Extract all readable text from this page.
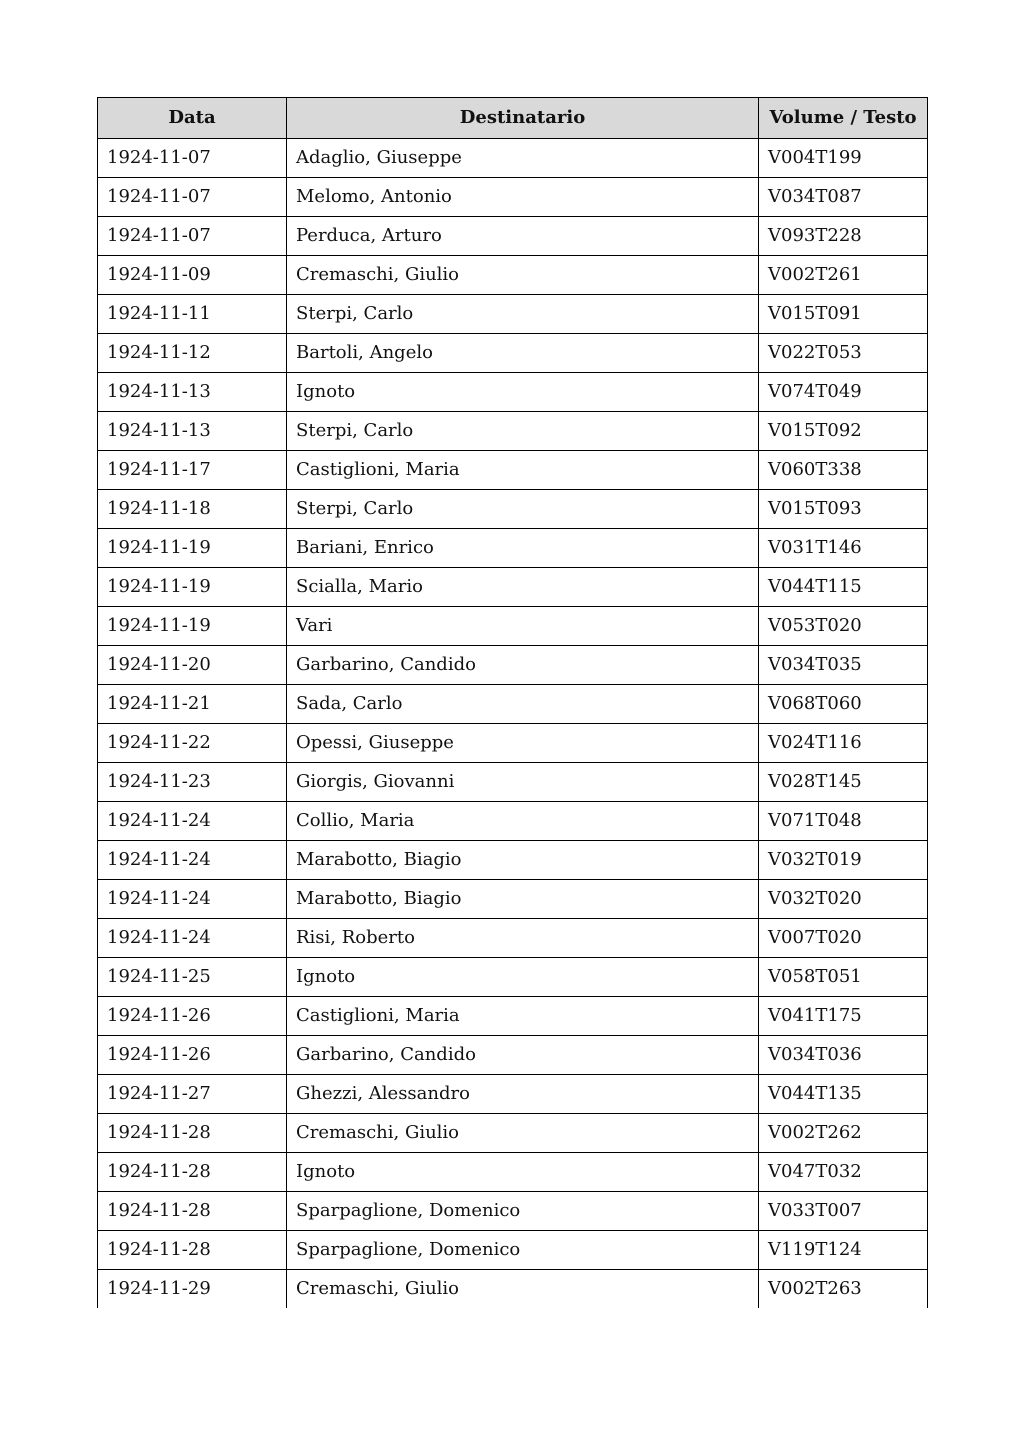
Data	Destinatario	Volume / Testo
1924-11-07	Adaglio, Giuseppe	V004T199
1924-11-07	Melomo, Antonio	V034T087
1924-11-07	Perduca, Arturo	V093T228
1924-11-09	Cremaschi, Giulio	V002T261
1924-11-11	Sterpi, Carlo	V015T091
1924-11-12	Bartoli, Angelo	V022T053
1924-11-13	Ignoto	V074T049
1924-11-13	Sterpi, Carlo	V015T092
1924-11-17	Castiglioni, Maria	V060T338
1924-11-18	Sterpi, Carlo	V015T093
1924-11-19	Bariani, Enrico	V031T146
1924-11-19	Scialla, Mario	V044T115
1924-11-19	Vari	V053T020
1924-11-20	Garbarino, Candido	V034T035
1924-11-21	Sada, Carlo	V068T060
1924-11-22	Opessi, Giuseppe	V024T116
1924-11-23	Giorgis, Giovanni	V028T145
1924-11-24	Collio, Maria	V071T048
1924-11-24	Marabotto, Biagio	V032T019
1924-11-24	Marabotto, Biagio	V032T020
1924-11-24	Risi, Roberto	V007T020
1924-11-25	Ignoto	V058T051
1924-11-26	Castiglioni, Maria	V041T175
1924-11-26	Garbarino, Candido	V034T036
1924-11-27	Ghezzi, Alessandro	V044T135
1924-11-28	Cremaschi, Giulio	V002T262
1924-11-28	Ignoto	V047T032
1924-11-28	Sparpaglione, Domenico	V033T007
1924-11-28	Sparpaglione, Domenico	V119T124
1924-11-29	Cremaschi, Giulio	V002T263
